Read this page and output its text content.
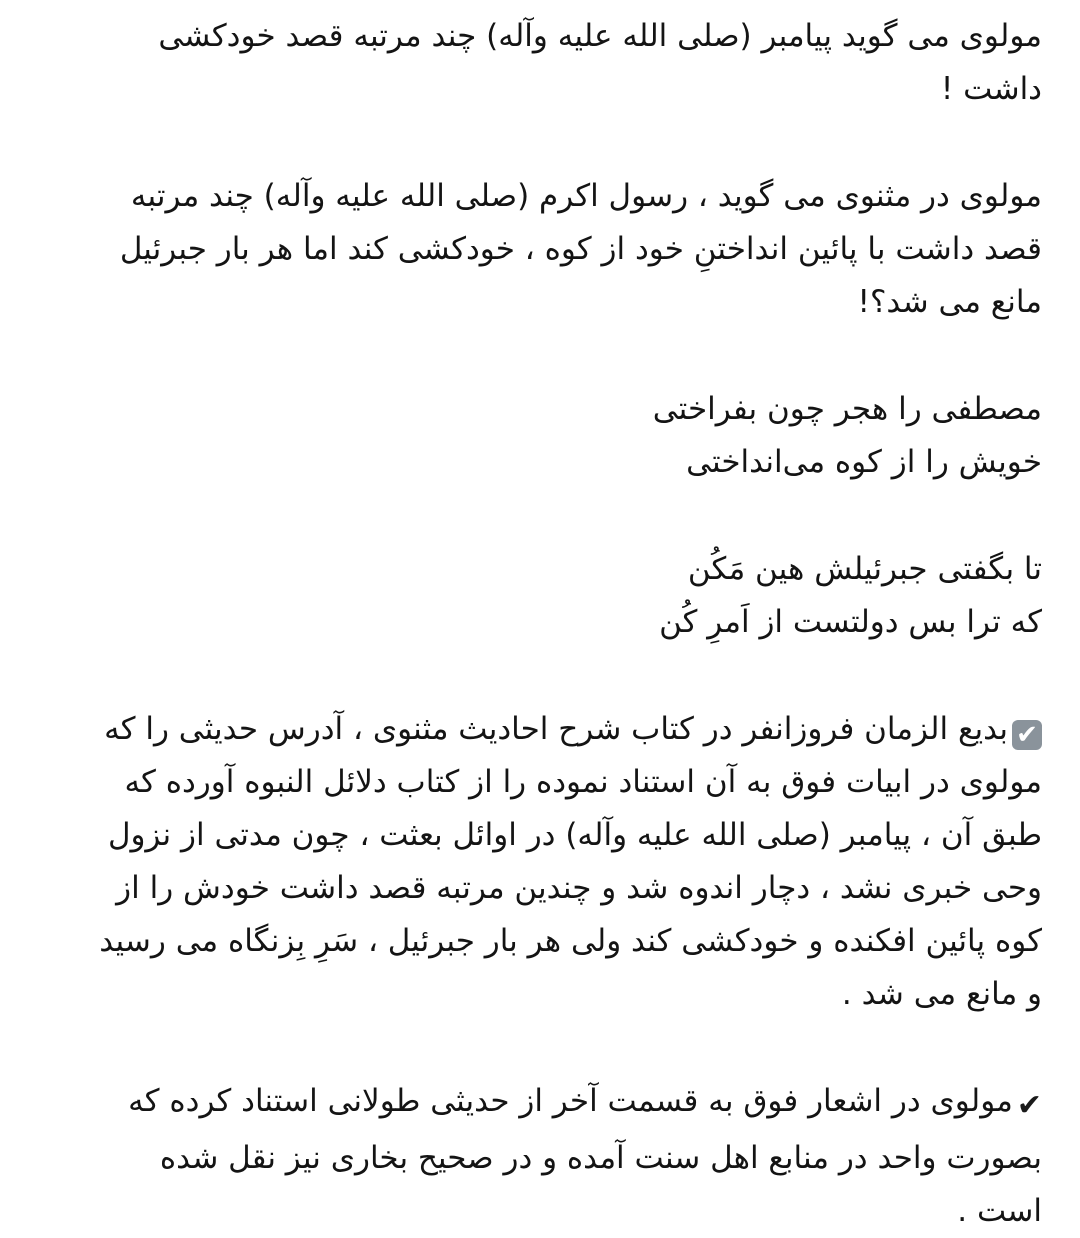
مولوی می گوید پیامبر (صلی الله علیه وآله) چند مرتبه قصد خودکشی
داشت !

مولوی در مثنوی می گوید ، رسول اکرم (صلی الله علیه وآله) چند مرتبه
قصد داشت با پائین انداختنِ خود از کوه ، خودکشی کند اما هر بار جبرئیل
مانع می شد؟!

مصطفی را هجر چون بفراختی
خویش را از کوه می‌انداختی
تا بگفتی جبرئیلش هین مَکُن
که ترا بس دولتست از اَمرِ کُن

✔بدیع الزمان فروزانفر در کتاب شرح احادیث مثنوی ، آدرس حدیثی را که
مولوی در ابیات فوق به آن استناد نموده را از کتاب دلائل النبوه آورده که
طبق آن ، پیامبر (صلی الله علیه وآله) در اوائل بعثت ، چون مدتی از نزول
وحی خبری نشد ، دچار اندوه شد و چندین مرتبه قصد داشت خودش را از
کوه پائین افکنده و خودکشی کند ولی هر بار جبرئیل ، سَرِ بِزنگاه می رسید
و مانع می شد .

✔مولوی در اشعار فوق به قسمت آخر از حدیثی طولانی استناد کرده که
بصورت واحد در منابع اهل سنت آمده و در صحیح بخاری نیز نقل شده
است .
